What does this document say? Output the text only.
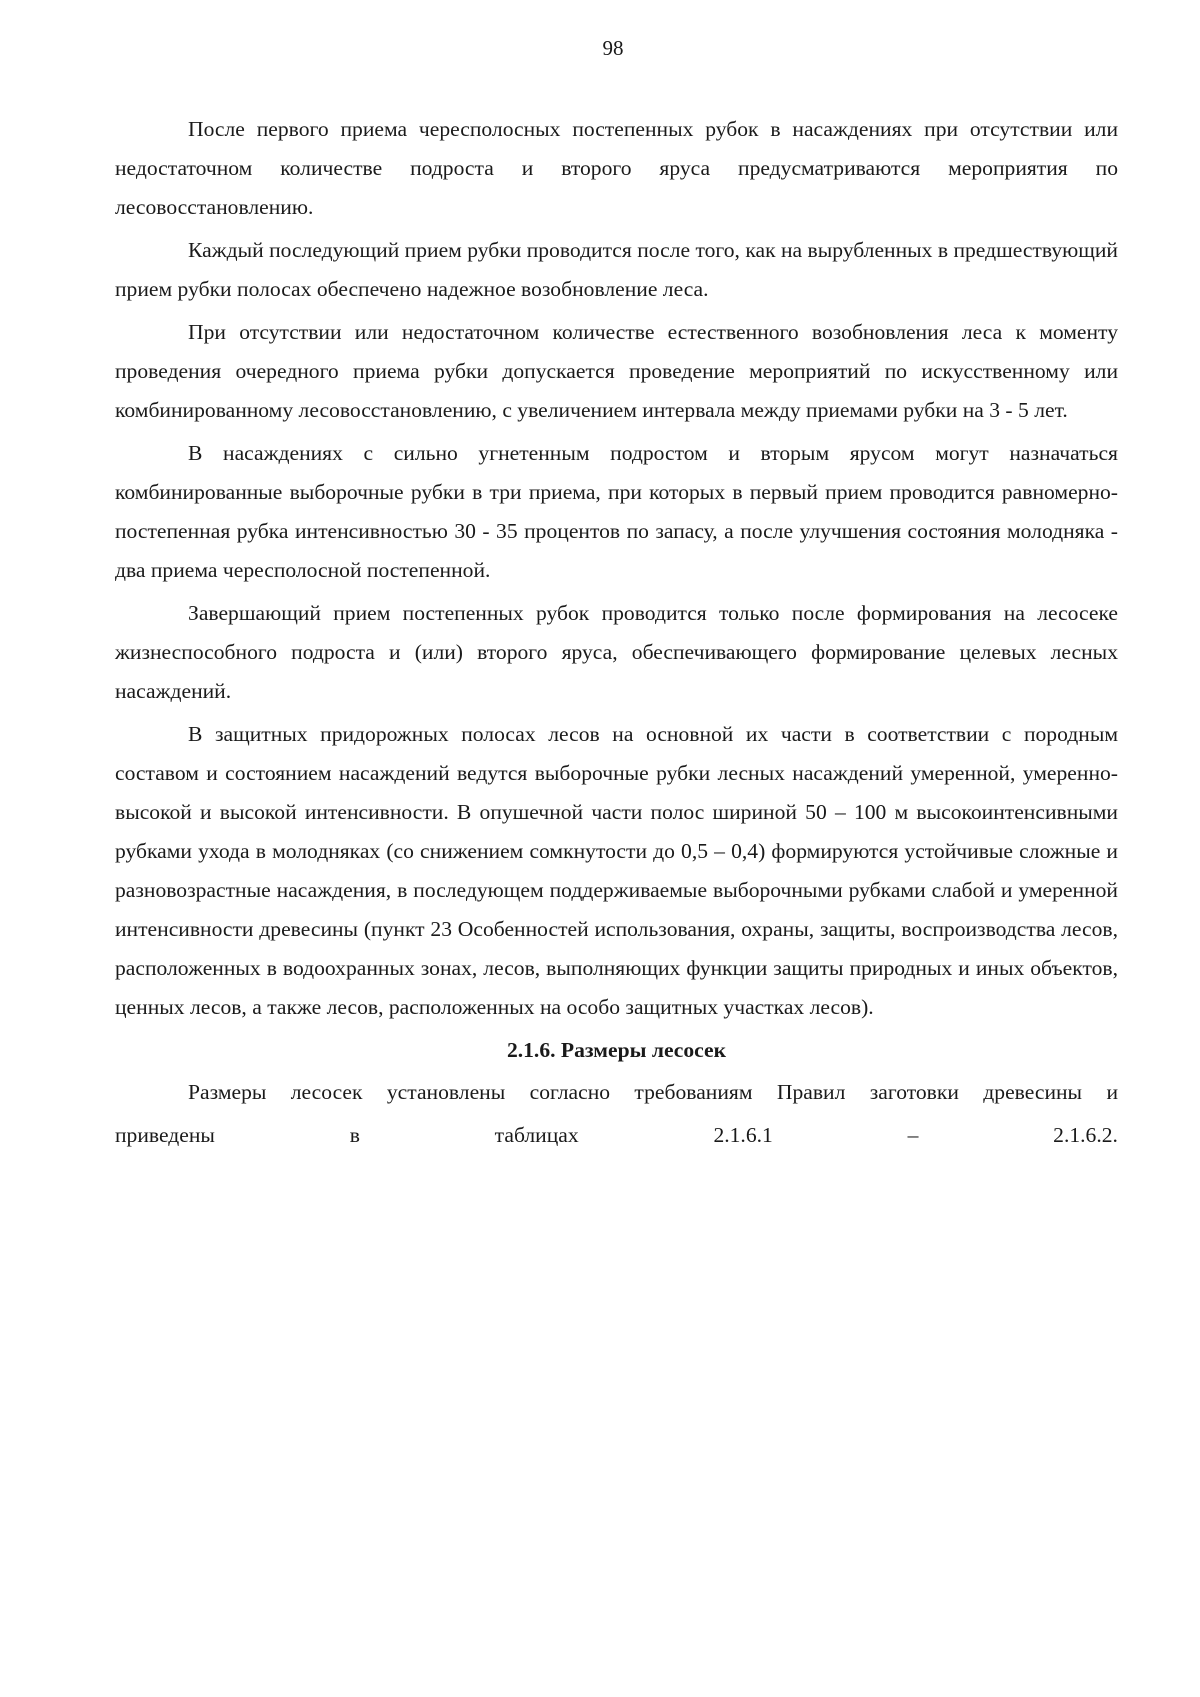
98

После первого приема чересполосных постепенных рубок в насаждениях при отсутствии или недостаточном количестве подроста и второго яруса предусматриваются мероприятия по лесовосстановлению.

Каждый последующий прием рубки проводится после того, как на вырубленных в предшествующий прием рубки полосах обеспечено надежное возобновление леса.

При отсутствии или недостаточном количестве естественного возобновления леса к моменту проведения очередного приема рубки допускается проведение мероприятий по искусственному или комбинированному лесовосстановлению, с увеличением интервала между приемами рубки на 3 - 5 лет.

В насаждениях с сильно угнетенным подростом и вторым ярусом могут назначаться комбинированные выборочные рубки в три приема, при которых в первый прием проводится равномерно-постепенная рубка интенсивностью 30 - 35 процентов по запасу, а после улучшения состояния молодняка - два приема чересполосной постепенной.

Завершающий прием постепенных рубок проводится только после формирования на лесосеке жизнеспособного подроста и (или) второго яруса, обеспечивающего формирование целевых лесных насаждений.

В защитных придорожных полосах лесов на основной их части в соответствии с породным составом и состоянием насаждений ведутся выборочные рубки лесных насаждений умеренной, умеренно-высокой и высокой интенсивности. В опушечной части полос шириной 50 – 100 м высокоинтенсивными рубками ухода в молодняках (со снижением сомкнутости до 0,5 – 0,4) формируются устойчивые сложные и разновозрастные насаждения, в последующем поддерживаемые выборочными рубками слабой и умеренной интенсивности древесины (пункт 23 Особенностей использования, охраны, защиты, воспроизводства лесов, расположенных в водоохранных зонах, лесов, выполняющих функции защиты природных и иных объектов, ценных лесов, а также лесов, расположенных на особо защитных участках лесов).

2.1.6. Размеры лесосек

Размеры лесосек установлены согласно требованиям Правил заготовки древесины и

приведены	в	таблицах	2.1.6.1	–	2.1.6.2.
